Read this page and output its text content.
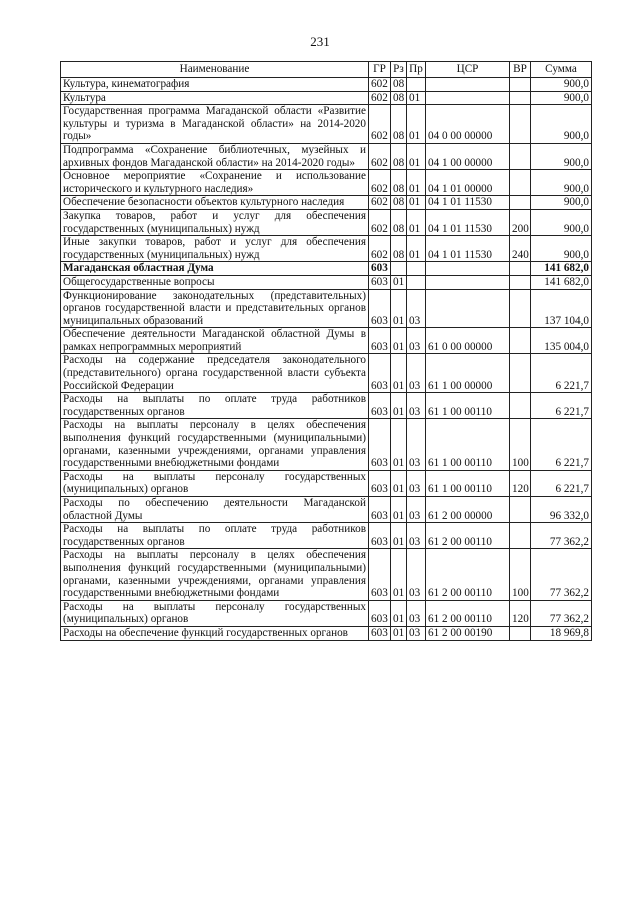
231
Наименование	ГР	Рз	Пр	ЦСР	ВР	Сумма
Культура, кинематография	602	08				900,0
Культура	602	08	01			900,0
Государственная программа Магаданской области «Развитие культуры и туризма в Магаданской области» на 2014-2020 годы»	602	08	01	04 0 00 00000		900,0
Подпрограмма «Сохранение библиотечных, музейных и архивных фондов Магаданской области» на 2014-2020 годы»	602	08	01	04 1 00 00000		900,0
Основное мероприятие «Сохранение и использование исторического и культурного наследия»	602	08	01	04 1 01 00000		900,0
Обеспечение безопасности объектов культурного наследия	602	08	01	04 1 01 11530		900,0
Закупка товаров, работ и услуг для обеспечения государственных (муниципальных) нужд	602	08	01	04 1 01 11530	200	900,0
Иные закупки товаров, работ и услуг для обеспечения государственных (муниципальных) нужд	602	08	01	04 1 01 11530	240	900,0
Магаданская областная Дума	603					141 682,0
Общегосударственные вопросы	603	01				141 682,0
Функционирование законодательных (представительных) органов государственной власти и представительных органов муниципальных образований	603	01	03			137 104,0
Обеспечение деятельности Магаданской областной Думы в рамках непрограммных мероприятий	603	01	03	61 0 00 00000		135 004,0
Расходы на содержание председателя законодательного (представительного) органа государственной власти субъекта Российской Федерации	603	01	03	61 1 00 00000		6 221,7
Расходы на выплаты по оплате труда работников государственных органов	603	01	03	61 1 00 00110		6 221,7
Расходы на выплаты персоналу в целях обеспечения выполнения функций государственными (муниципальными) органами, казенными учреждениями, органами управления государственными внебюджетными фондами	603	01	03	61 1 00 00110	100	6 221,7
Расходы на выплаты персоналу государственных (муниципальных) органов	603	01	03	61 1 00 00110	120	6 221,7
Расходы по обеспечению деятельности Магаданской областной Думы	603	01	03	61 2 00 00000		96 332,0
Расходы на выплаты по оплате труда работников государственных органов	603	01	03	61 2 00 00110		77 362,2
Расходы на выплаты персоналу в целях обеспечения выполнения функций государственными (муниципальными) органами, казенными учреждениями, органами управления государственными внебюджетными фондами	603	01	03	61 2 00 00110	100	77 362,2
Расходы на выплаты персоналу государственных (муниципальных) органов	603	01	03	61 2 00 00110	120	77 362,2
Расходы на обеспечение функций государственных органов	603	01	03	61 2 00 00190		18 969,8
